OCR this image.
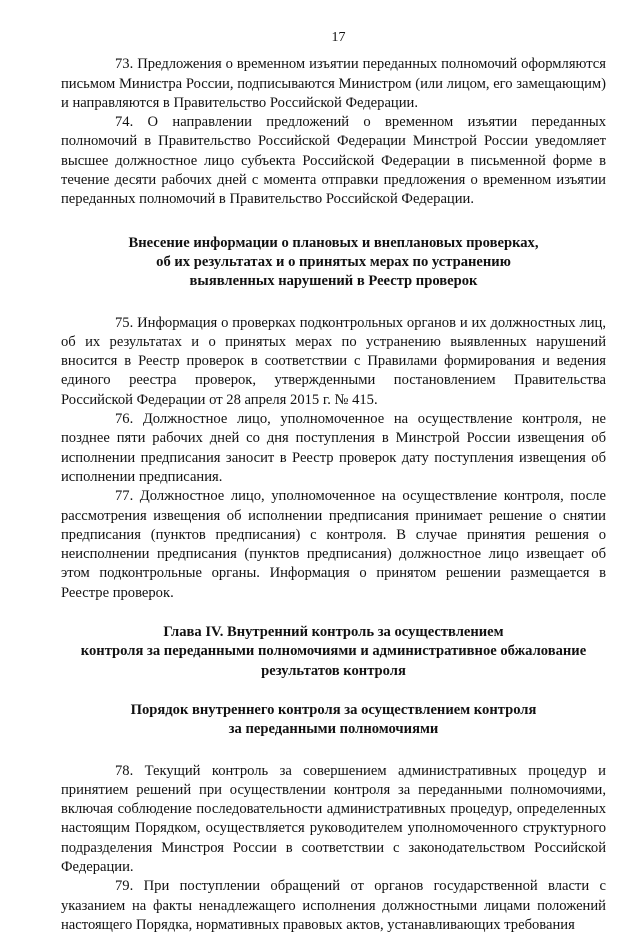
17

73. Предложения о временном изъятии переданных полномочий оформляются письмом Министра России, подписываются Министром (или лицом, его замещающим) и направляются в Правительство Российской Федерации.

74. О направлении предложений о временном изъятии переданных полномочий в Правительство Российской Федерации Минстрой России уведомляет высшее должностное лицо субъекта Российской Федерации в письменной форме в течение десяти рабочих дней с момента отправки предложения о временном изъятии переданных полномочий в Правительство Российской Федерации.

Внесение информации о плановых и внеплановых проверках,
об их результатах и о принятых мерах по устранению
выявленных нарушений в Реестр проверок

75. Информация о проверках подконтрольных органов и их должностных лиц, об их результатах и о принятых мерах по устранению выявленных нарушений вносится в Реестр проверок в соответствии с Правилами формирования и ведения единого реестра проверок, утвержденными постановлением Правительства Российской Федерации от 28 апреля 2015 г. № 415.

76. Должностное лицо, уполномоченное на осуществление контроля, не позднее пяти рабочих дней со дня поступления в Минстрой России извещения об исполнении предписания заносит в Реестр проверок дату поступления извещения об исполнении предписания.

77. Должностное лицо, уполномоченное на осуществление контроля, после рассмотрения извещения об исполнении предписания принимает решение о снятии предписания (пунктов предписания) с контроля. В случае принятия решения о неисполнении предписания (пунктов предписания) должностное лицо извещает об этом подконтрольные органы. Информация о принятом решении размещается в Реестре проверок.

Глава IV. Внутренний контроль за осуществлением
контроля за переданными полномочиями и административное обжалование
результатов контроля
Порядок внутреннего контроля за осуществлением контроля
за переданными полномочиями

78. Текущий контроль за совершением административных процедур и принятием решений при осуществлении контроля за переданными полномочиями, включая соблюдение последовательности административных процедур, определенных настоящим Порядком, осуществляется руководителем уполномоченного структурного подразделения Минстроя России в соответствии с законодательством Российской Федерации.

79. При поступлении обращений от органов государственной власти с указанием на факты ненадлежащего исполнения должностными лицами положений настоящего Порядка, нормативных правовых актов, устанавливающих требования
